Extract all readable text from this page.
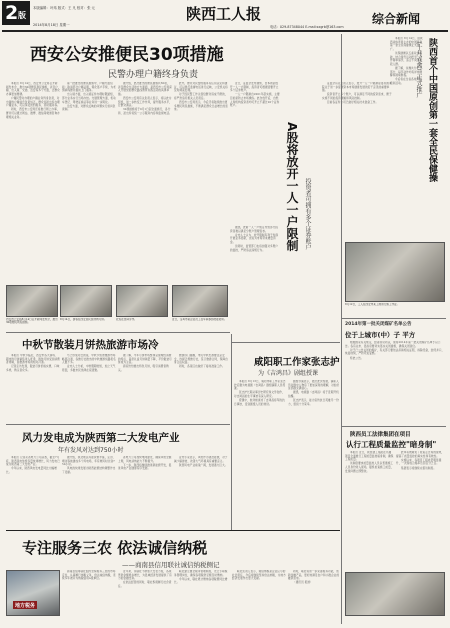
2 版
本版编辑：叶玮 版式：王 凡 校对：张 元
2014年8月18日 星期一
陕西工人报	综合新闻
电话：029-87348044 E-mail:sxgrb@163.com
西安公安推便民30项措施
民警办理户籍终身负责

本报讯 8月14日，西安市公安局召开新闻发布会，推出30项便民利民措施，涉及户籍、出入境、交通、治安等多个方面，让群众办事更加便捷。

户籍民警对办理的户籍业务终身负责，对出错的户籍信息负责纠正。群众到派出所办理户籍业务，可以享受预约服务、延时服务等。

同时，西安市公安局还将推行网上办事，群众可以通过网站、微博、微信等渠道咨询办理相关业务。

第一批推出的便民措施中，户籍方面包括：取消部分户籍证明，简化落户手续，为老弱病残群众提供上门服务。

出入境方面，出入境证件办理时限缩短，部分业务实行当场办结。交通管理方面，机动车登记、驾驶证换证等业务进一步简化。

治安方面，对群众反映的问题实行首问负责制。

据介绍，此次推出的便民措施共30项，涉及群众生活的方方面面，是西安市公安局深入开展党的群众路线教育实践活动的具体举措。

西安市公安局有关负责人表示，将以此为契机，进一步转变工作作风，提升服务水平，让群众满意。

30项措施将于9月1日起全面施行，各分局、派出所将统一公示服务内容和监督电话。

此外，群众对民警的服务有任何意见和建议，可以拨打监督电话进行反映，公安机关将及时调查处理。

对于因民警工作失误给群众造成不便的，将严肃追究相关人员责任。

西安市公安局表示，今后还将陆续推出更多便民利民措施，不断满足群众日益增长的需求。

近日，证监会发布通知，自本周起放开一人一户限制，投资者可根据需要开立多个证券账户。

一人一户限制自2001年起实施，主要目的是防止市场操纵。此次放开后，自然人和机构投资者均可开立不超过20个证券账户。

证监会有关负责人表示，放开一人一户限制是落实国务院关于进一步促进资本市场健康发展的若干意见的重要举措。

投资者开立多个账户，可以满足不同的投资需求，便于实施不同的投资策略和风险控制。

目前各证券公司已做好相关技术准备工作。

本报讯 8月14日，由陕西省体育局主办的中国原创第一套全民保健操正式推广。

该保健操以五禽戏为基础，结合现代运动医学，动作简单易学，适合不同年龄段人群。

据了解，该操共分十个部分，每节动作均有详细图解和视频教程。

今后将在全省各地开展培训活动。	陕西首个中国原创第一套全民保健操
（十月五禽）正式推广
A股将放开一人一户限制 投资者可拥有多个证券账户

据悉，此前一人一户规定导致部分投资者难以满足分账户管理需求。

业内人士认为，放开限制有利于券商开展业务创新，也将为市场带来增量资金。

但同时，监管部门也将加强对多账户的监控，严防违法违规行为。

西安市公安局8月14日召开新闻发布会，推出30项便民利民措施。
8月14日，游客在西安回民街选购月饼。	农民在田间劳作。	近日，宝鸡市某企业员工在车间参加技能培训。
中秋节散装月饼热旅游市场冷

本报讯 中秋节临近，西安市各大商场、超市的月饼销售进入旺季，散装月饼受到消费者青睐，而旅游市场则相对冷清。

记者走访发现，散装月饼价格实惠、口味多样，购买者众多。

与之形成对比的是，中秋节短途旅游市场略显冷清，各旅行社推出的中秋旅游线路报名人数不多。

业内人士分析，中秋假期较短，加之天气原因，多数市民选择在家团聚。

据了解，今年月饼市场整体呈现理性消费的特点，高价礼盒月饼销量下降，平价散装月饼成为主流。

商家纷纷推出特色月饼，吸引消费者购买。

旅游部门提醒，市民中秋出游要注意安全，选择正规旅行社，签订旅游合同，保障自身合法权益。

同时，各景区也做好了接待准备工作。

风力发电成为陕西第二大发电产业
年有发风对达到750小时

本报讯 记者从省电力公司获悉，截至7月底，陕西风电装机容量快速增长，风力发电已成为陕西第二大发电产业。

今年以来，陕西风电发电量同比大幅增长。

据介绍，陕北地区风能资源丰富，定边、靖边等地建成多个风电场，年有效风时达到750小时。

风电的快速发展为陕西能源结构调整作出了贡献。

省电力公司加快电网建设，确保风电全额上网，风电消纳能力不断提升。

下一步，陕西将继续推进新能源开发，促进风电产业健康有序发展。

业内专家表示，风电作为清洁能源，对于减少碳排放、改善大气环境具有重要意义。

陕西风电产业前景广阔，发展潜力巨大。

咸阳职工作家张志护
为《吉鸿昌》剧组授课

本报讯 8月13日，咸阳市职工作家张志护应邀为电视剧《吉鸿昌》剧组演职人员授课。

张志护长期从事历史研究和文学创作，对吉鸿昌的生平事迹有深入研究。

授课中，他详细讲述了吉鸿昌将军的抗日事迹，受到剧组人员的欢迎。

剧组导演表示，通过此次授课，演职人员对剧中人物有了更加深刻的理解，对拍好这部剧充满信心。

据悉，电视剧《吉鸿昌》将于近期开机拍摄。

张志护表示，能为宣传抗日英雄尽一份力，感到十分荣幸。

8月12日，工人在西安市某工地进行施工作业。
2014年第一批关闭煤矿名单公告
位于上城市(中）子 平方

根据国家有关规定，经省政府同意，现将2014年第一批关闭煤矿名单予以公告。各有关市、县政府要切实落实关闭措施，确保关闭到位。

对于已公告关闭的煤矿，有关部门要依法吊销相关证照，拆除设备，封闭井口，恢复地貌，严防死灰复燃。

特此公告。

陕西员工法律集团在项目
认行工程质量监控"暗身制"

本报讯 近日，陕西建工集团在所属项目全面推行工程质量监控暗身制，确保工程质量。

该制度要求质量监控人员以普通施工人员身份进入现场，随机检查施工质量，发现问题立即整改。

此举有效避免了检查走过场的现象，提高了质量监控的真实性和有效性。

实施以来，各项目工程质量明显提升，一次验收合格率达到百分之百。

集团表示将继续完善该制度。

专注服务三农 依法诚信纳税
——商南县信用联社诚信纳税侧记
地方税务

商南县信用联社始终坚持服务三农的市场定位，认真履行纳税义务，依法诚信纳税，连续多年被评为纳税信用A级单位。

近年来，该联社不断加大支农力度，各项贷款余额稳步增长，为县域经济发展提供了有力的金融支持。

在依法经营的同时，联社积极履行社会责任。

联社建立健全税务管理制度，设立专职税务管理岗位，确保各项税款足额及时缴纳。

今年以来，联社累计缴纳各项税费同比增长。

联社负责人表示，诚信纳税是企业应尽的社会责任，今后将继续坚持依法纳税，为地方经济发展作出更大贡献。

同时，联社将进一步完善服务功能，创新金融产品，更好地满足农户和小微企业的融资需求。

（通讯员 报道）
